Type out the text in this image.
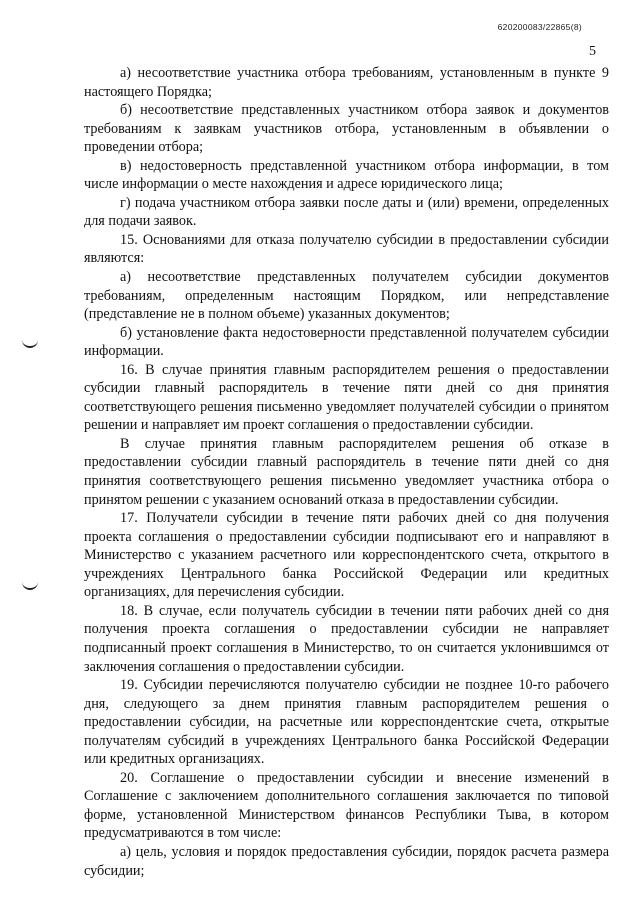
620200083/22865(8)
5

а) несоответствие участника отбора требованиям, установленным в пункте 9 настоящего Порядка;

б) несоответствие представленных участником отбора заявок и документов требованиям к заявкам участников отбора, установленным в объявлении о проведении отбора;

в) недостоверность представленной участником отбора информации, в том числе информации о месте нахождения и адресе юридического лица;

г) подача участником отбора заявки после даты и (или) времени, определенных для подачи заявок.

15. Основаниями для отказа получателю субсидии в предоставлении субсидии являются:

а) несоответствие представленных получателем субсидии документов требованиям, определенным настоящим Порядком, или непредставление (представление не в полном объеме) указанных документов;

б) установление факта недостоверности представленной получателем субсидии информации.

16. В случае принятия главным распорядителем решения о предоставлении субсидии главный распорядитель в течение пяти дней со дня принятия соответствующего решения письменно уведомляет получателей субсидии о принятом решении и направляет им проект соглашения о предоставлении субсидии.

В случае принятия главным распорядителем решения об отказе в предоставлении субсидии главный распорядитель в течение пяти дней со дня принятия соответствующего решения письменно уведомляет участника отбора о принятом решении с указанием оснований отказа в предоставлении субсидии.

17. Получатели субсидии в течение пяти рабочих дней со дня получения проекта соглашения о предоставлении субсидии подписывают его и направляют в Министерство с указанием расчетного или корреспондентского счета, открытого в учреждениях Центрального банка Российской Федерации или кредитных организациях, для перечисления субсидии.

18. В случае, если получатель субсидии в течении пяти рабочих дней со дня получения проекта соглашения о предоставлении субсидии не направляет подписанный проект соглашения в Министерство, то он считается уклонившимся от заключения соглашения о предоставлении субсидии.

19. Субсидии перечисляются получателю субсидии не позднее 10-го рабочего дня, следующего за днем принятия главным распорядителем решения о предоставлении субсидии, на расчетные или корреспондентские счета, открытые получателям субсидий в учреждениях Центрального банка Российской Федерации или кредитных организациях.

20. Соглашение о предоставлении субсидии и внесение изменений в Соглашение с заключением дополнительного соглашения заключается по типовой форме, установленной Министерством финансов Республики Тыва, в котором предусматриваются в том числе:

а) цель, условия и порядок предоставления субсидии, порядок расчета размера субсидии;
